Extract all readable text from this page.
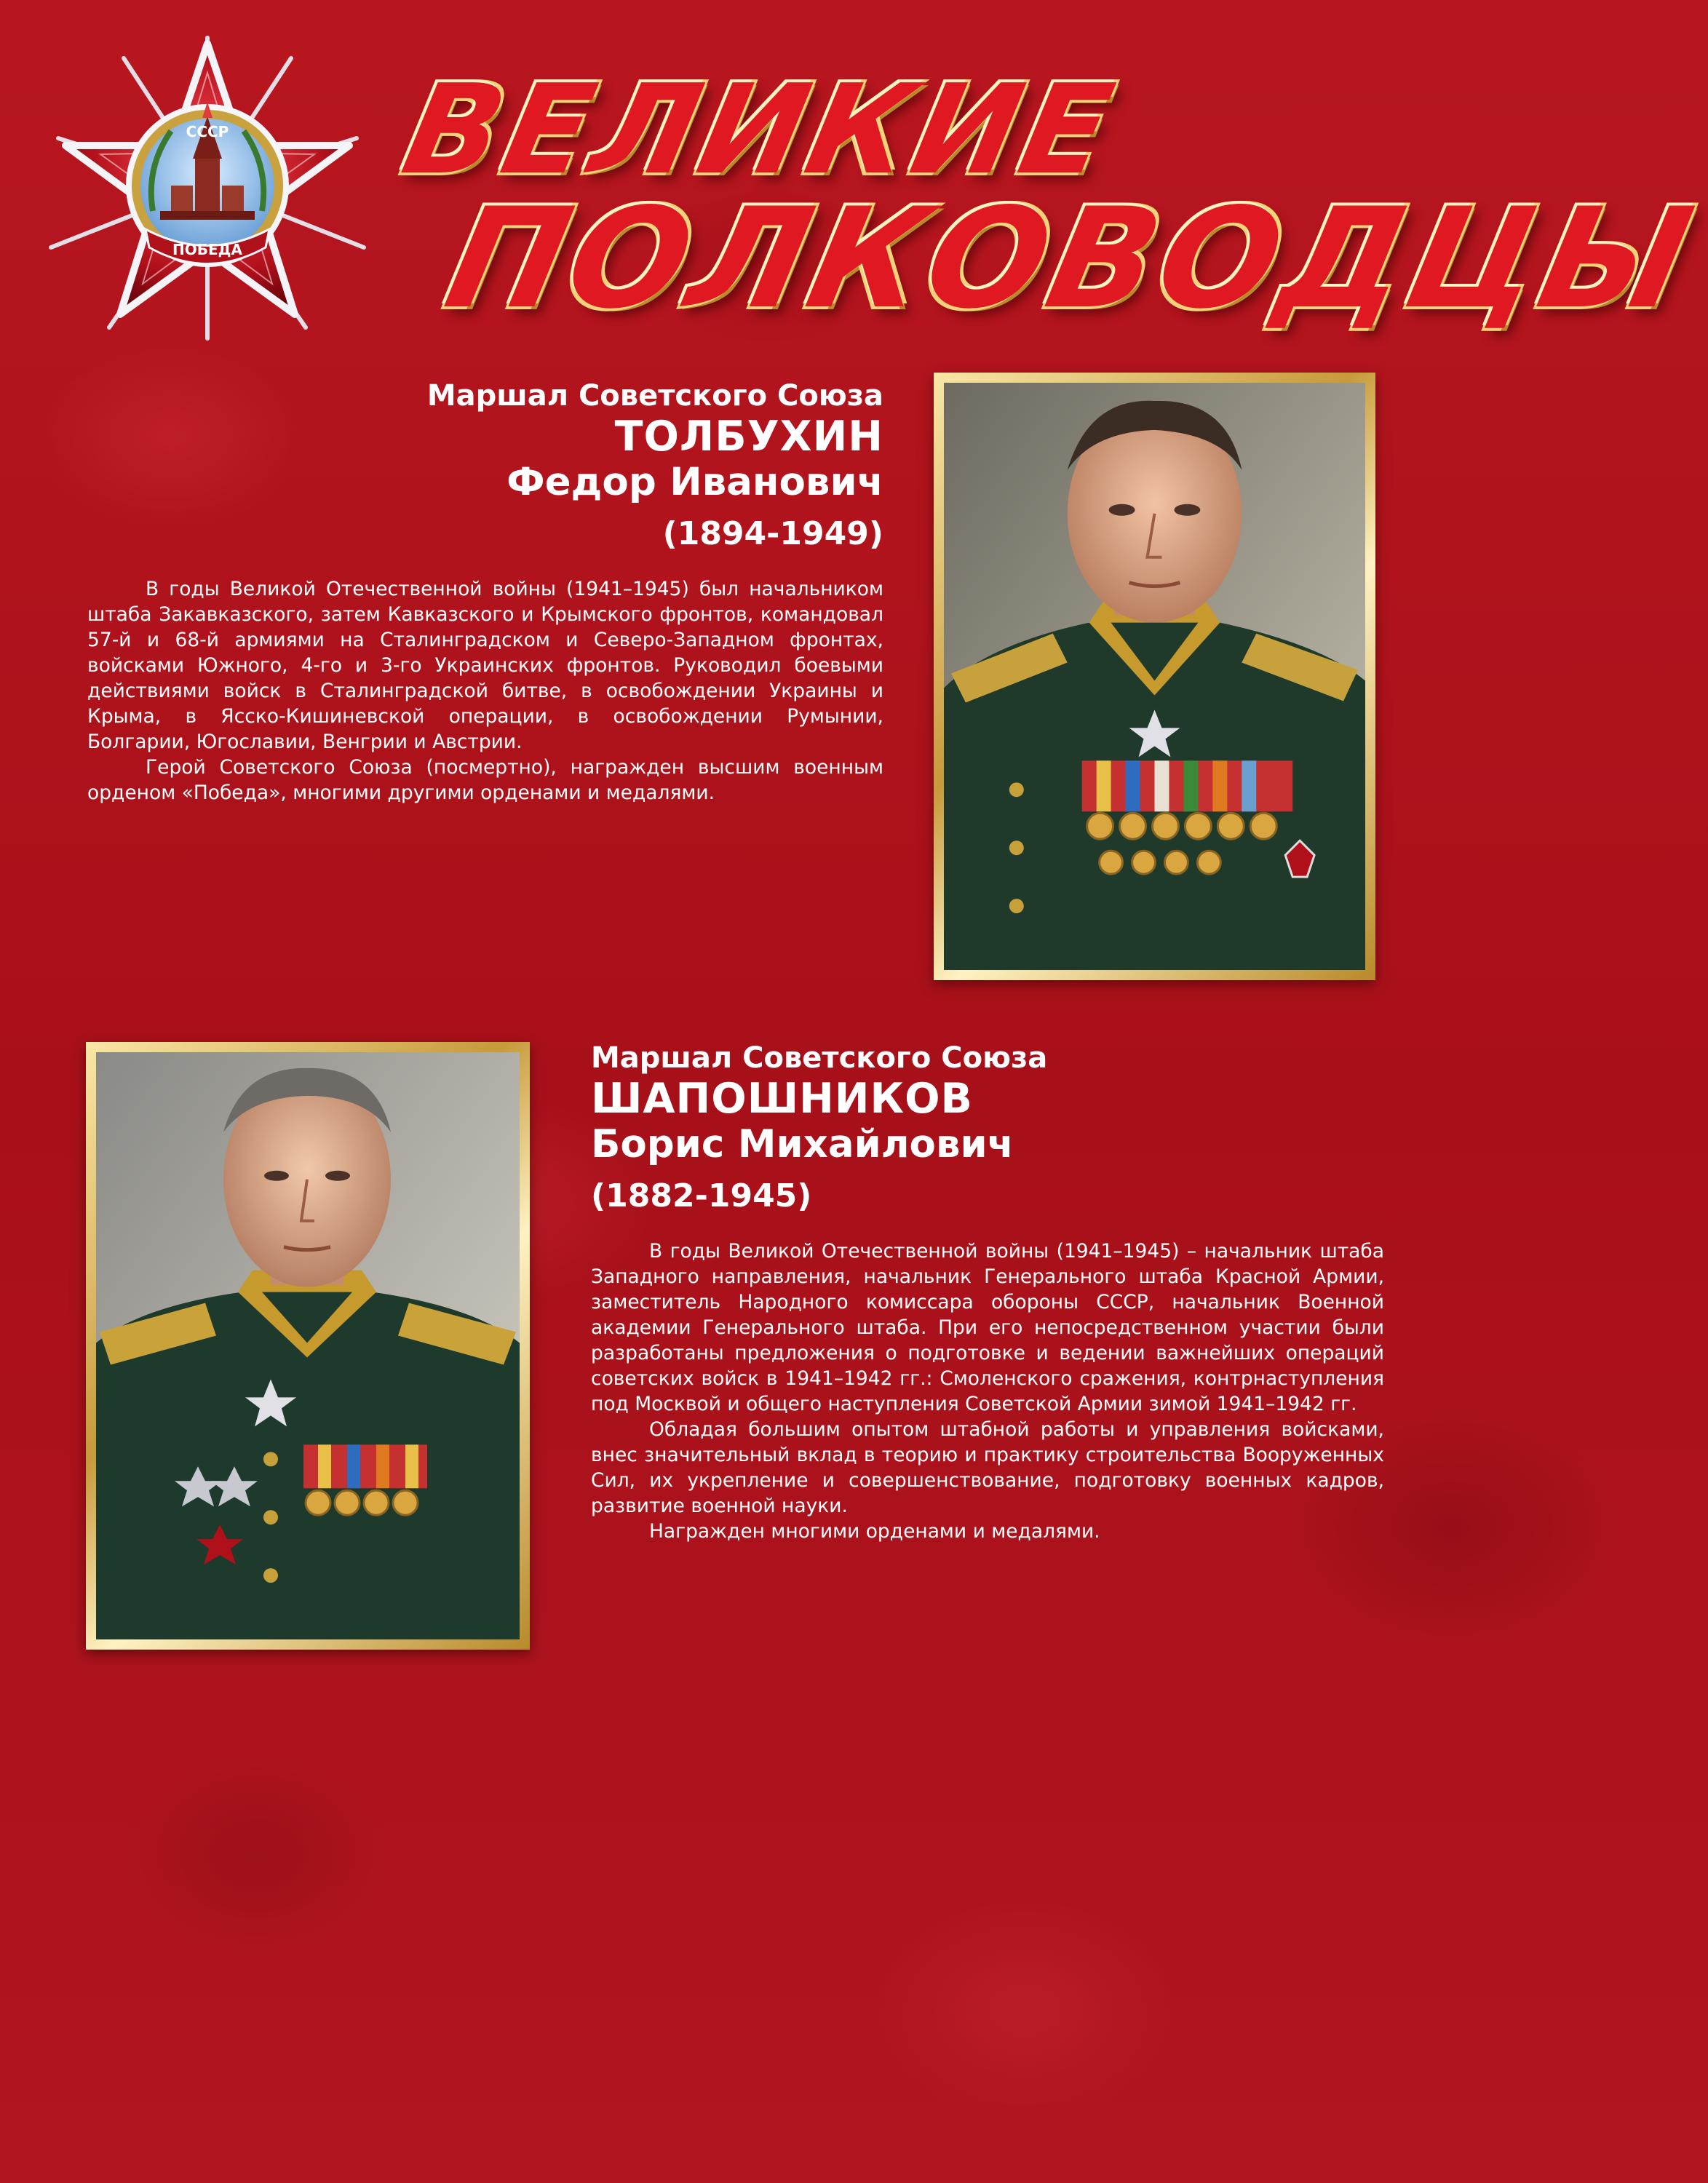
ПОБЕДА
СССР ВЕЛИКИЕ
ПОЛКОВОДЦЫ
Маршал Советского Союза
ТОЛБУХИН
Федор Иванович
(1894-1949)

В годы Великой Отечественной войны (1941–1945) был начальником штаба Закавказского, затем Кавказского и Крымского фронтов, командовал 57-й и 68-й армиями на Сталинградском и Северо-Западном фронтах, войсками Южного, 4-го и 3-го Украинских фронтов. Руководил боевыми действиями войск в Сталинградской битве, в освобождении Украины и Крыма, в Ясско-Кишиневской операции, в освобождении Румынии, Болгарии, Югославии, Венгрии и Австрии.

Герой Советского Союза (посмертно), награжден высшим военным орденом «Победа», многими другими орденами и медалями.

Маршал Советского Союза
ШАПОШНИКОВ
Борис Михайлович
(1882-1945)

В годы Великой Отечественной войны (1941–1945) – начальник штаба Западного направления, начальник Генерального штаба Красной Армии, заместитель Народного комиссара обороны СССР, начальник Военной академии Генерального штаба. При его непосредственном участии были разработаны предложения о подготовке и ведении важнейших операций советских войск в 1941–1942 гг.: Смоленского сражения, контрнаступления под Москвой и общего наступления Советской Армии зимой 1941–1942 гг.

Обладая большим опытом штабной работы и управления войсками, внес значительный вклад в теорию и практику строительства Вооруженных Сил, их укрепление и совершенствование, подготовку военных кадров, развитие военной науки.

Награжден многими орденами и медалями.
